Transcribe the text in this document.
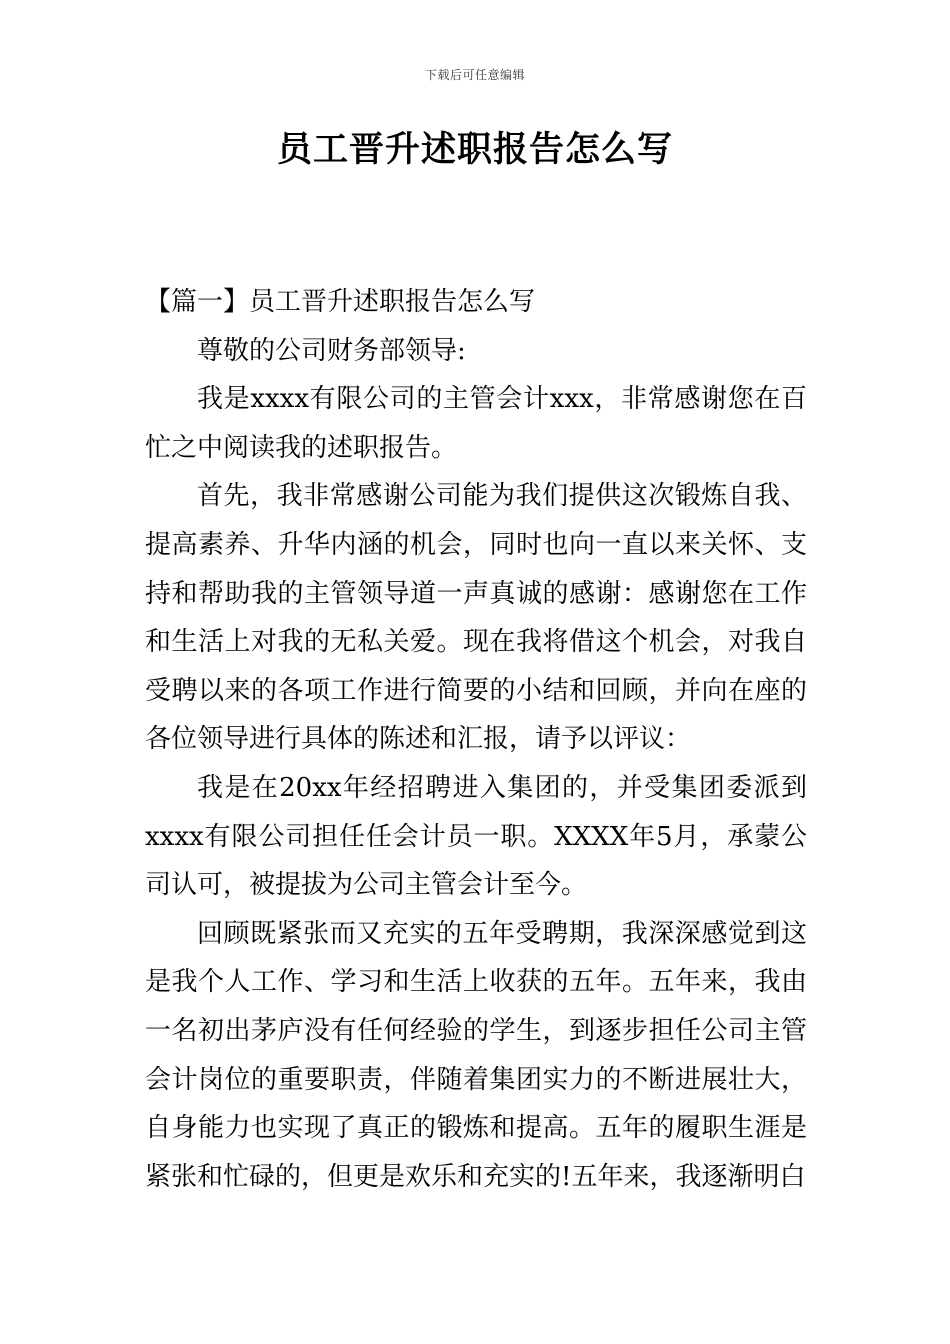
下载后可任意编辑
员工晋升述职报告怎么写

【篇一】员工晋升述职报告怎么写

尊敬的公司财务部领导:

我是xxxx有限公司的主管会计xxx，非常感谢您在百忙之中阅读我的述职报告。

首先，我非常感谢公司能为我们提供这次锻炼自我、提高素养、升华内涵的机会，同时也向一直以来关怀、支持和帮助我的主管领导道一声真诚的感谢：感谢您在工作和生活上对我的无私关爱。现在我将借这个机会，对我自受聘以来的各项工作进行简要的小结和回顾，并向在座的各位领导进行具体的陈述和汇报，请予以评议：

我是在20xx年经招聘进入集团的，并受集团委派到xxxx有限公司担任任会计员一职。XXXX年5月，承蒙公司认可，被提拔为公司主管会计至今。

回顾既紧张而又充实的五年受聘期，我深深感觉到这是我个人工作、学习和生活上收获的五年。五年来，我由一名初出茅庐没有任何经验的学生，到逐步担任公司主管会计岗位的重要职责，伴随着集团实力的不断进展壮大，自身能力也实现了真正的锻炼和提高。五年的履职生涯是紧张和忙碌的，但更是欢乐和充实的!五年来，我逐渐明白
